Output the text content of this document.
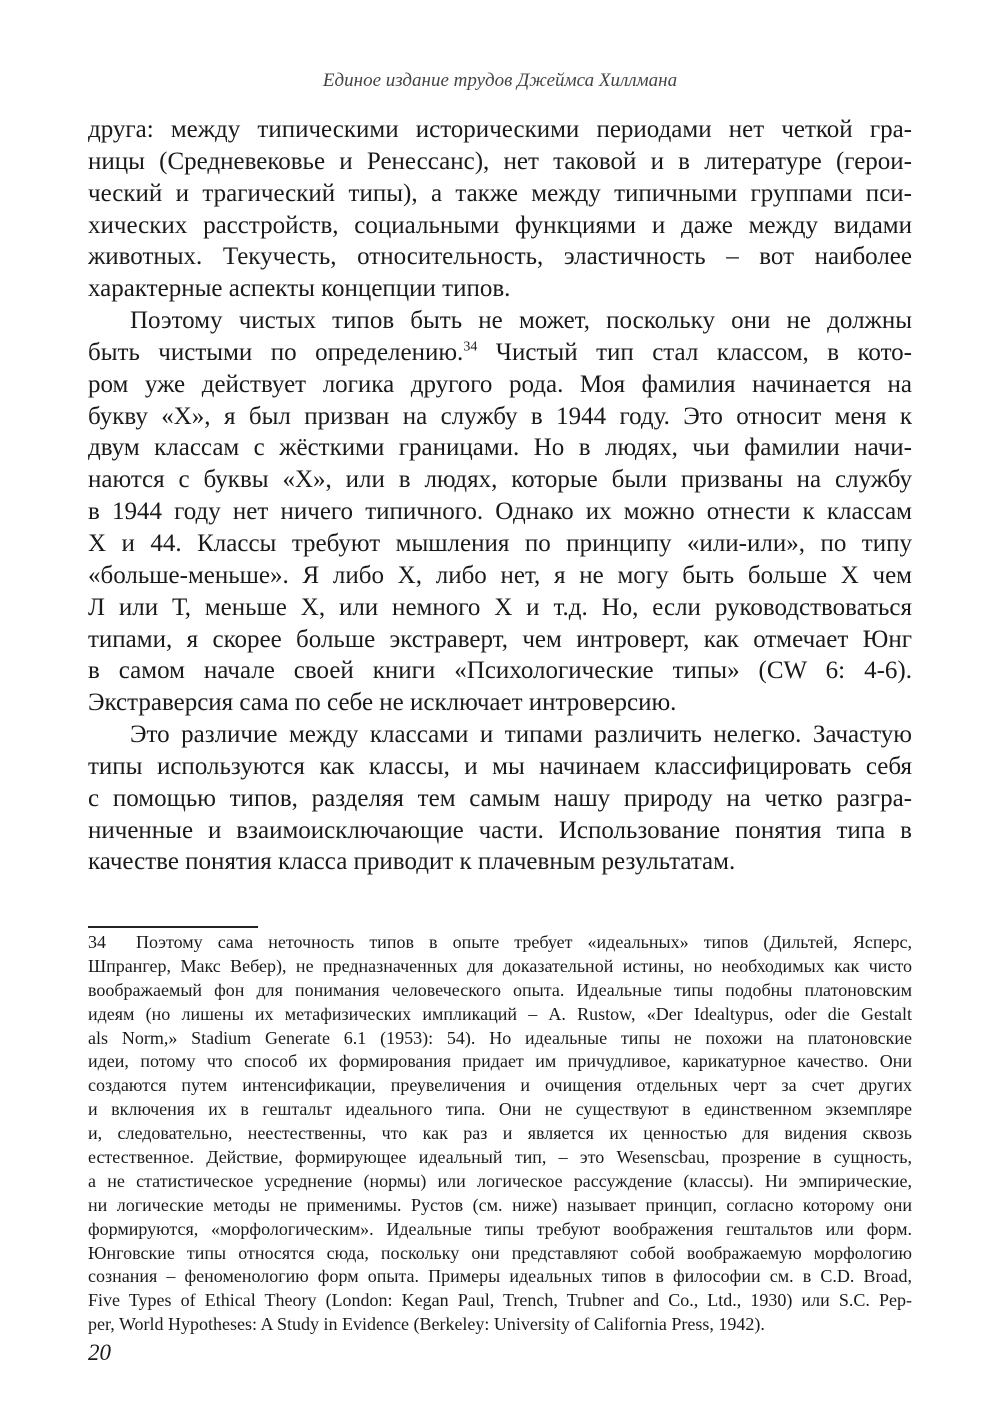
Единое издание трудов Джеймса Хиллмана
друга: между типическими историческими периодами нет четкой гра-
ницы (Средневековье и Ренессанс), нет таковой и в литературе (герои-
ческий и трагический типы), а также между типичными группами пси-
хических расстройств, социальными функциями и даже между видами
животных. Текучесть, относительность, эластичность – вот наиболее
характерные аспекты концепции типов.
Поэтому чистых типов быть не может, поскольку они не должны
быть чистыми по определению.$^{34}$ Чистый тип стал классом, в кото-
ром уже действует логика другого рода. Моя фамилия начинается на
букву «Х», я был призван на службу в 1944 году. Это относит меня к
двум классам с жёсткими границами. Но в людях, чьи фамилии начи-
наются с буквы «Х», или в людях, которые были призваны на службу
в 1944 году нет ничего типичного. Однако их можно отнести к классам
Х и 44. Классы требуют мышления по принципу «или-или», по типу
«больше-меньше». Я либо Х, либо нет, я не могу быть больше Х чем
Л или Т, меньше Х, или немного Х и т.д. Но, если руководствоваться
типами, я скорее больше экстраверт, чем интроверт, как отмечает Юнг
в самом начале своей книги «Психологические типы» (CW 6: 4-6).
Экстраверсия сама по себе не исключает интроверсию.
Это различие между классами и типами различить нелегко. Зачастую
типы используются как классы, и мы начинаем классифицировать себя
с помощью типов, разделяя тем самым нашу природу на четко разгра-
ниченные и взаимоисключающие части. Использование понятия типа в
качестве понятия класса приводит к плачевным результатам.
34 Поэтому сама неточность типов в опыте требует «идеальных» типов (Дильтей, Ясперс,
Шпрангер, Макс Вебер), не предназначенных для доказательной истины, но необходимых как чисто
воображаемый фон для понимания человеческого опыта. Идеальные типы подобны платоновским
идеям (но лишены их метафизических импликаций – A. Rustow, «Der Idealtypus, oder die Gestalt
als Norm,» Stadium Generate 6.1 (1953): 54). Но идеальные типы не похожи на платоновские
идеи, потому что способ их формирования придает им причудливое, карикатурное качество. Они
создаются путем интенсификации, преувеличения и очищения отдельных черт за счет других
и включения их в гештальт идеального типа. Они не существуют в единственном экземпляре
и, следовательно, неестественны, что как раз и является их ценностью для видения сквозь
естественное. Действие, формирующее идеальный тип, – это Wesenscbau, прозрение в сущность,
а не статистическое усреднение (нормы) или логическое рассуждение (классы). Ни эмпирические,
ни логические методы не применимы. Рустов (см. ниже) называет принцип, согласно которому они
формируются, «морфологическим». Идеальные типы требуют воображения гештальтов или форм.
Юнговские типы относятся сюда, поскольку они представляют собой воображаемую морфологию
сознания – феноменологию форм опыта. Примеры идеальных типов в философии см. в C.D. Broad,
Five Types of Ethical Theory (London: Kegan Paul, Trench, Trubner and Co., Ltd., 1930) или S.C. Pep-
per, World Hypotheses: A Study in Evidence (Berkeley: University of California Press, 1942).
20
